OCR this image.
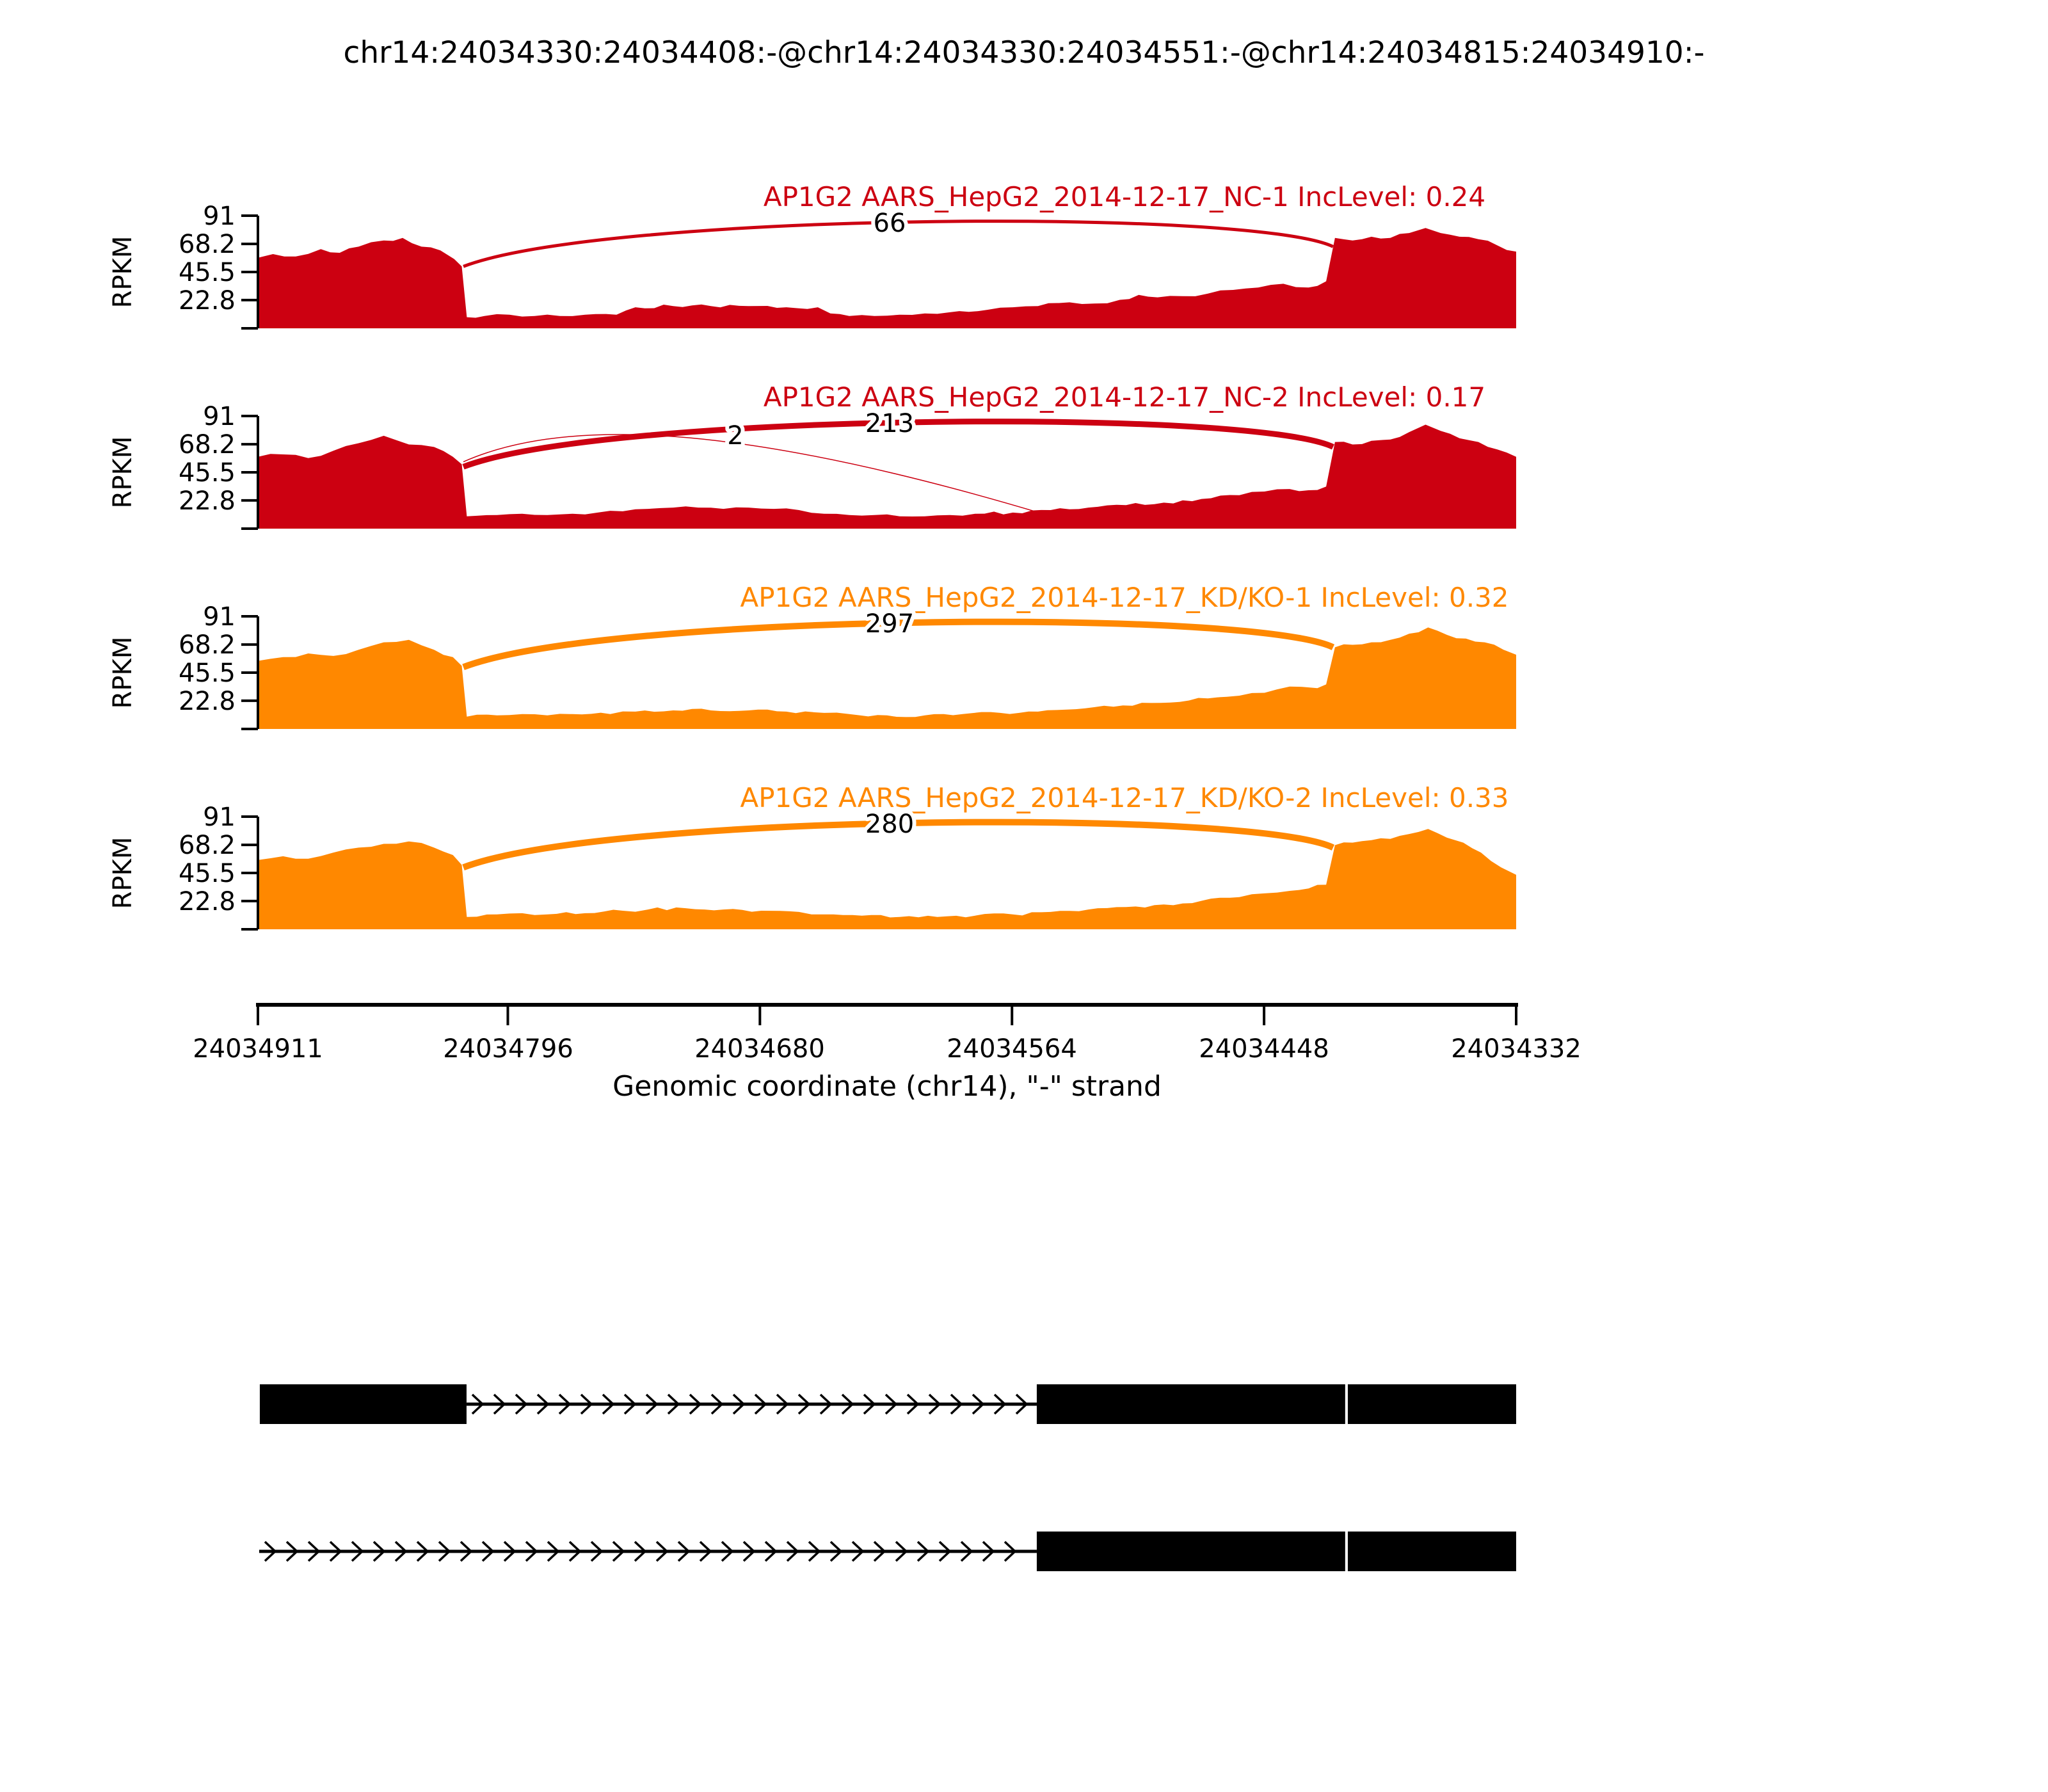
91
68.2
45.5
22.8
RPKM
91
68.2
45.5
22.8
RPKM
91
68.2
45.5
22.8
RPKM
91
68.2
45.5
22.8
RPKM
chr14:24034330:24034408:-@chr14:24034330:24034551:-@chr14:24034815:24034910:-
AP1G2 AARS_HepG2_2014-12-17_NC-1 IncLevel: 0.24
AP1G2 AARS_HepG2_2014-12-17_NC-2 IncLevel: 0.17
AP1G2 AARS_HepG2_2014-12-17_KD/KO-1 IncLevel: 0.32
AP1G2 AARS_HepG2_2014-12-17_KD/KO-2 IncLevel: 0.33
66
213
2
297
280
24034911	24034796	24034680	24034564	24034448	24034332
Genomic coordinate (chr14), "-" strand
